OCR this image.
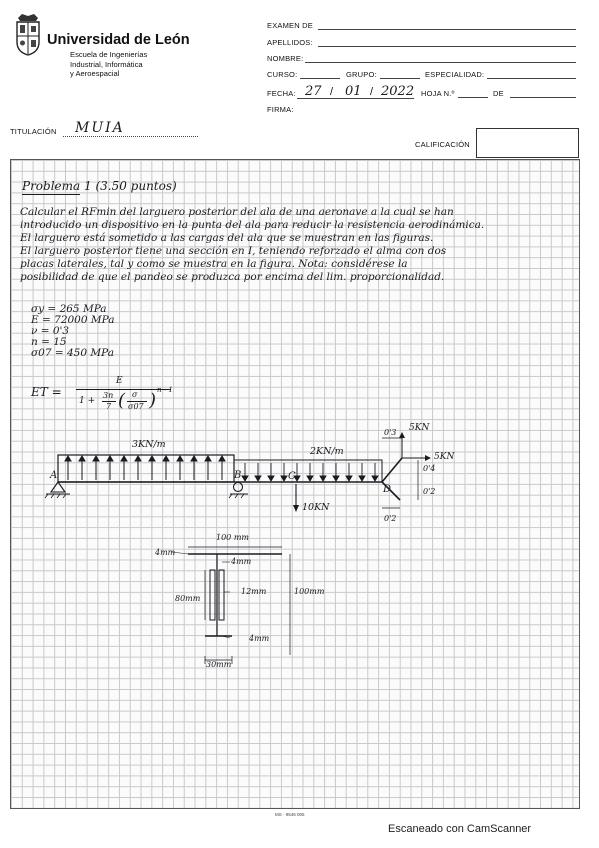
Universidad de León
Escuela de Ingenierías
Industrial, Informática
y Aeroespacial
EXAMEN DE
APELLIDOS:
NOMBRE:
CURSO:	GRUPO:	ESPECIALIDAD:
FECHA: 27 / 01 / 2022 HOJA N.º	DE
FIRMA:
TITULACIÓN MUIA
CALIFICACIÓN
Problema 1 (3.50 puntos)
Calcular el RFmin del larguero posterior del ala de una aeronave a la cual se han
introducido un dispositivo en la punta del ala para reducir la resistencia aerodinámica.
El larguero está sometido a las cargas del ala que se muestran en las figuras.
El larguero posterior tiene una sección en I, teniendo reforzado el alma con dos
placas laterales, tal y como se muestra en la figura. Nota: considérese la
posibilidad de que el pandeo se produzca por encima del lim. proporcionalidad.
σy = 265 MPa
E = 72000 MPa
ν = 0'3
n = 15
σ07 = 450 MPa
ET =
E
1 +
3n
7 ( σ
σ07 ) n - 1
3KN/m
2KN/m
10KN
5KN
5KN
0'3
0'4
0'2
0'2
A	B	C
D
100 mm
4mm
4mm
80mm
12mm	100mm
4mm
30mm
MS · 9546 005
Escaneado con CamScanner
